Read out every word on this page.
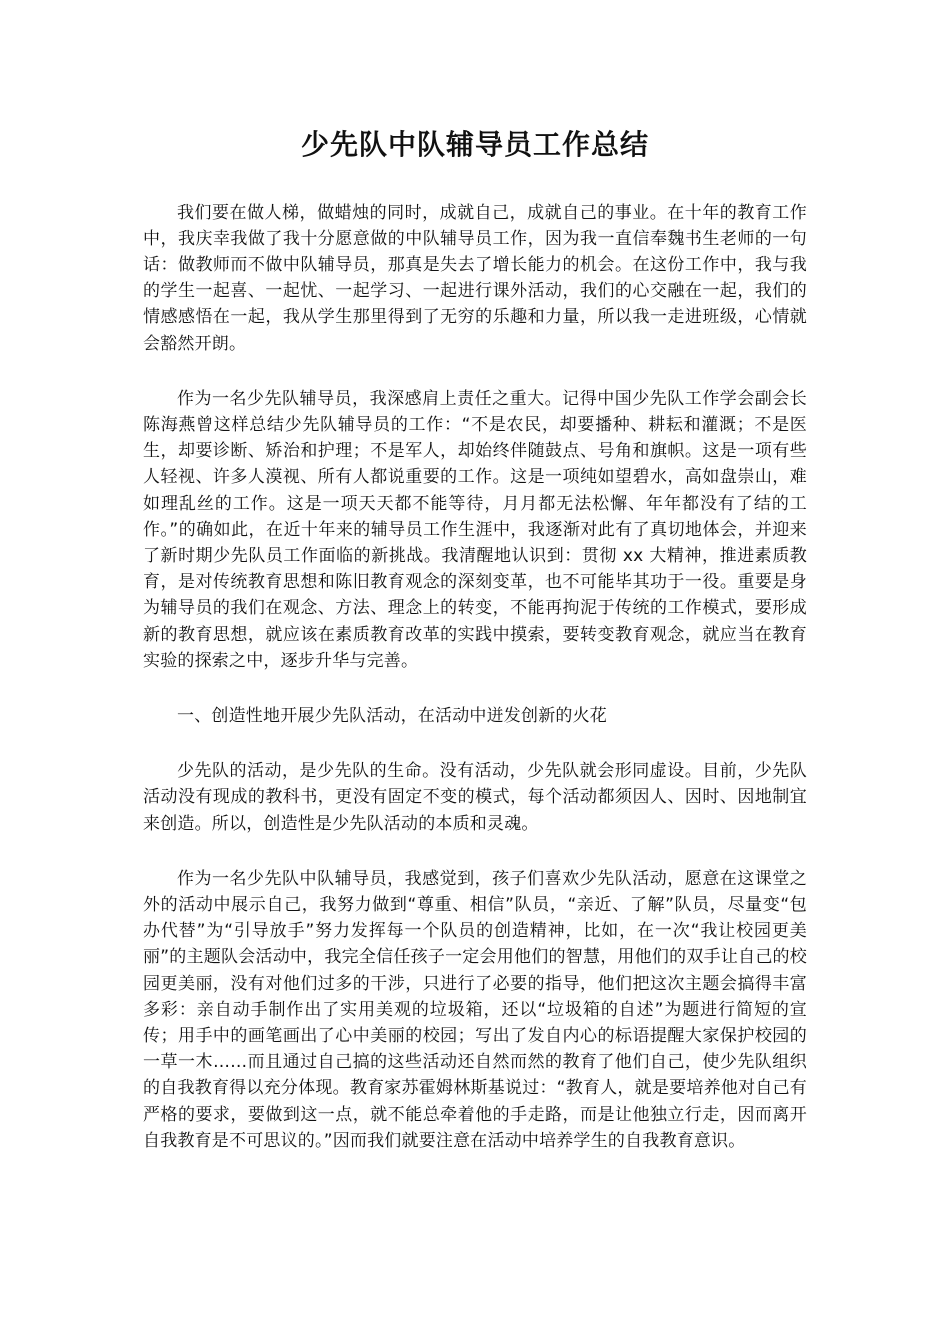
少先队中队辅导员工作总结

我们要在做人梯，做蜡烛的同时，成就自己，成就自己的事业。在十年的教育工作中，我庆幸我做了我十分愿意做的中队辅导员工作，因为我一直信奉魏书生老师的一句话：做教师而不做中队辅导员，那真是失去了增长能力的机会。在这份工作中，我与我的学生一起喜、一起忧、一起学习、一起进行课外活动，我们的心交融在一起，我们的情感感悟在一起，我从学生那里得到了无穷的乐趣和力量，所以我一走进班级，心情就会豁然开朗。

作为一名少先队辅导员，我深感肩上责任之重大。记得中国少先队工作学会副会长陈海燕曾这样总结少先队辅导员的工作：“不是农民，却要播种、耕耘和灌溉；不是医生，却要诊断、矫治和护理；不是军人，却始终伴随鼓点、号角和旗帜。这是一项有些人轻视、许多人漠视、所有人都说重要的工作。这是一项纯如望碧水，高如盘崇山，难如理乱丝的工作。这是一项天天都不能等待，月月都无法松懈、年年都没有了结的工作。”的确如此，在近十年来的辅导员工作生涯中，我逐渐对此有了真切地体会，并迎来了新时期少先队员工作面临的新挑战。我清醒地认识到：贯彻 xx 大精神，推进素质教育，是对传统教育思想和陈旧教育观念的深刻变革，也不可能毕其功于一役。重要是身为辅导员的我们在观念、方法、理念上的转变，不能再拘泥于传统的工作模式，要形成新的教育思想，就应该在素质教育改革的实践中摸索，要转变教育观念，就应当在教育实验的探索之中，逐步升华与完善。

一、创造性地开展少先队活动，在活动中迸发创新的火花

少先队的活动，是少先队的生命。没有活动，少先队就会形同虚设。目前，少先队活动没有现成的教科书，更没有固定不变的模式，每个活动都须因人、因时、因地制宜来创造。所以，创造性是少先队活动的本质和灵魂。

作为一名少先队中队辅导员，我感觉到，孩子们喜欢少先队活动，愿意在这课堂之外的活动中展示自己，我努力做到“尊重、相信”队员，“亲近、了解”队员，尽量变“包办代替”为“引导放手”努力发挥每一个队员的创造精神，比如，在一次“我让校园更美丽”的主题队会活动中，我完全信任孩子一定会用他们的智慧，用他们的双手让自己的校园更美丽，没有对他们过多的干涉，只进行了必要的指导，他们把这次主题会搞得丰富多彩：亲自动手制作出了实用美观的垃圾箱，还以“垃圾箱的自述”为题进行简短的宣传；用手中的画笔画出了心中美丽的校园；写出了发自内心的标语提醒大家保护校园的一草一木……而且通过自己搞的这些活动还自然而然的教育了他们自己，使少先队组织的自我教育得以充分体现。教育家苏霍姆林斯基说过：“教育人，就是要培养他对自己有严格的要求，要做到这一点，就不能总牵着他的手走路，而是让他独立行走，因而离开自我教育是不可思议的。”因而我们就要注意在活动中培养学生的自我教育意识。
